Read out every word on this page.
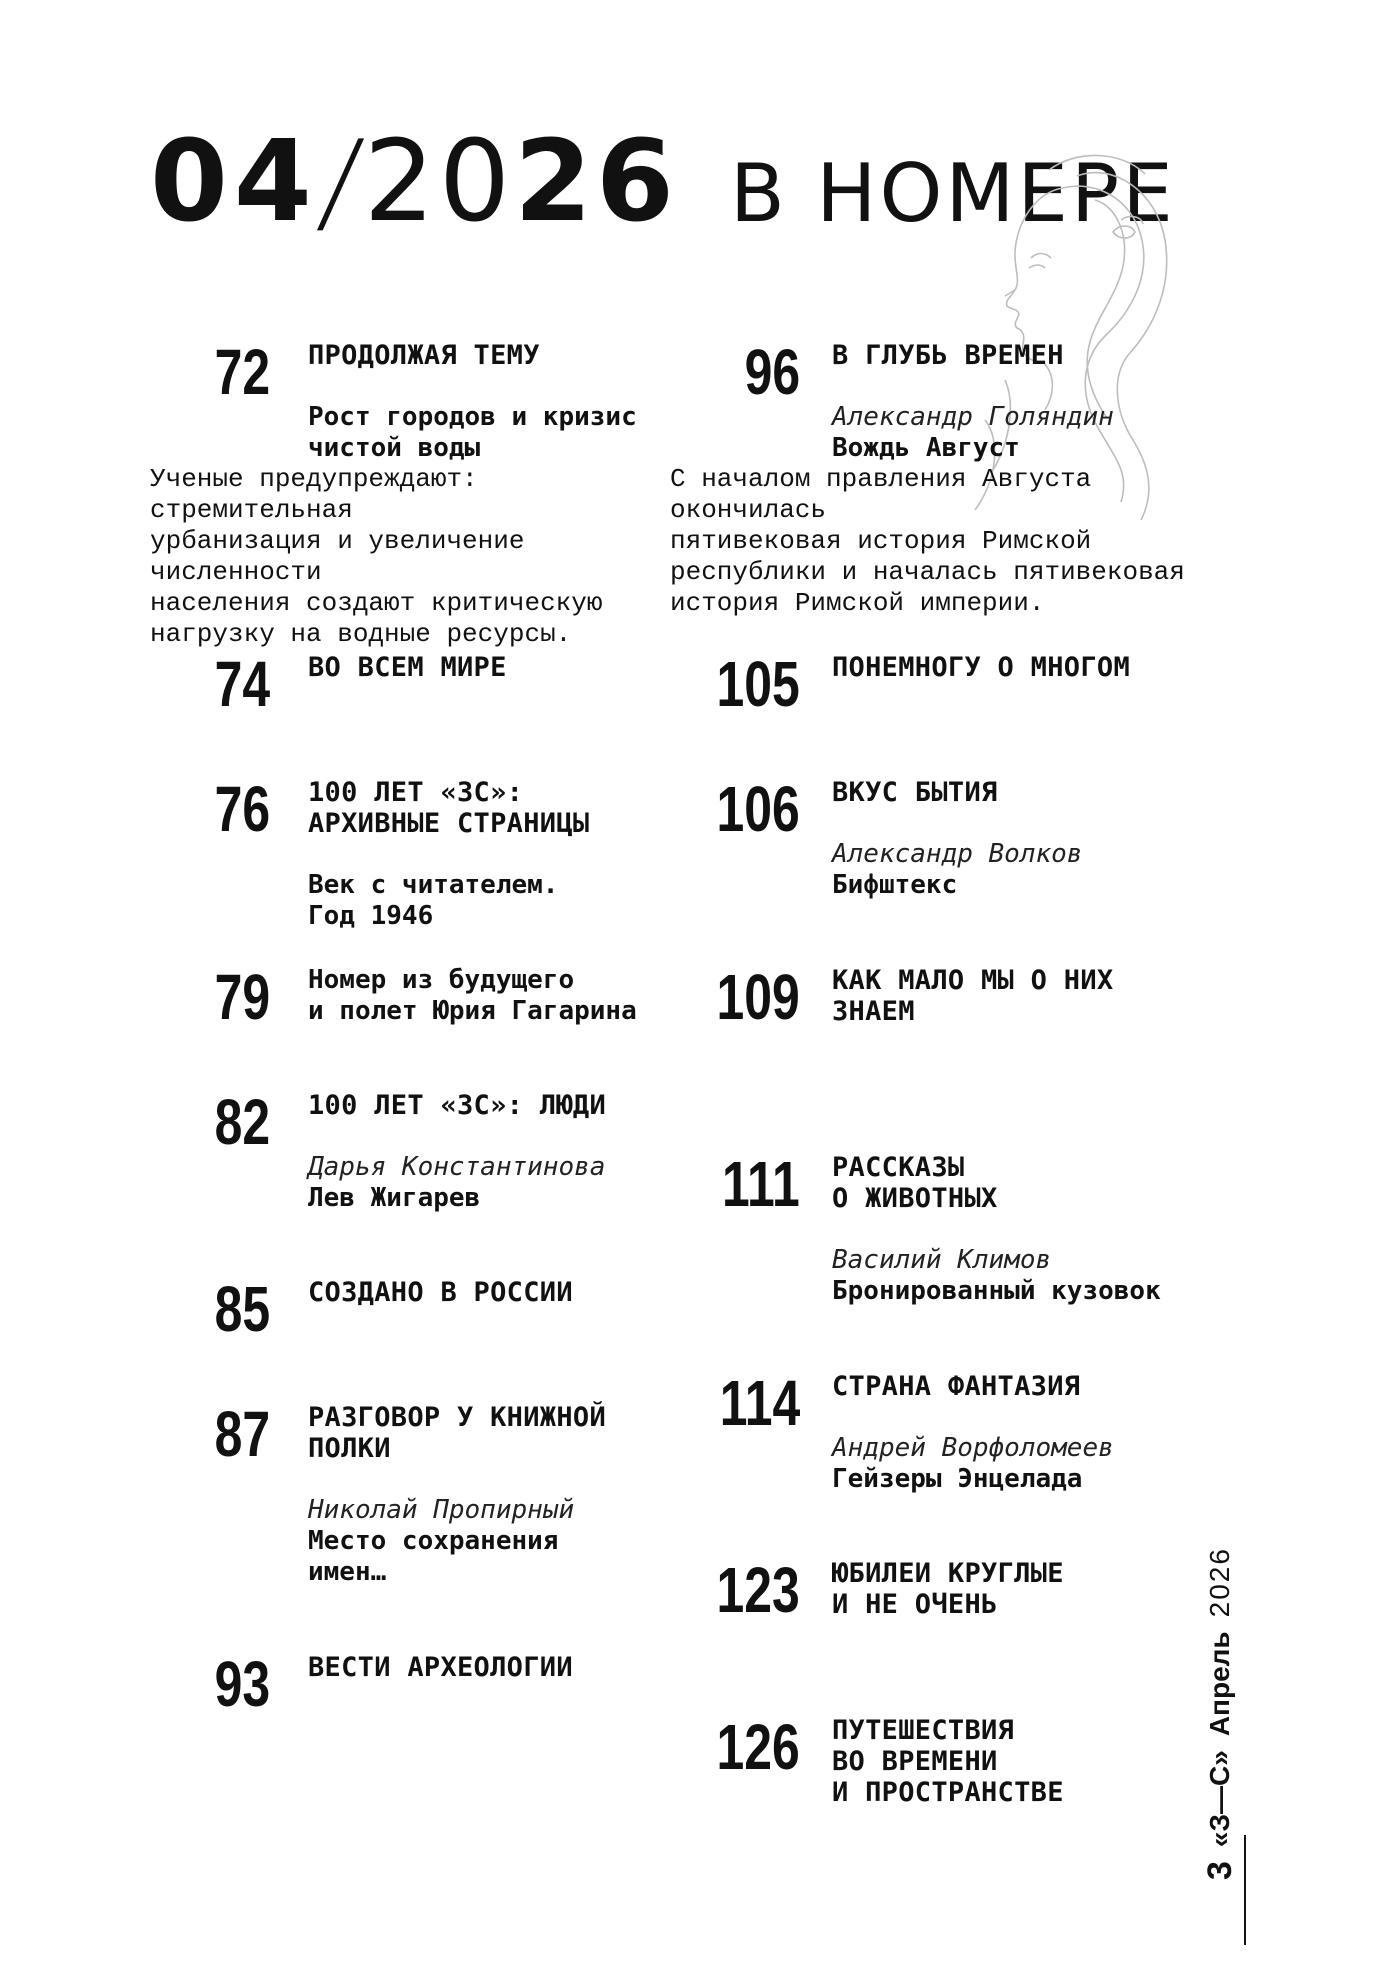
04
/
20 26 В НОМЕРЕ
72 ПРОДОЛЖАЯ ТЕМУ
Рост городов и кризис
чистой воды
Ученые предупреждают: стремительная
урбанизация и увеличение численности
населения создают критическую
нагрузку на водные ресурсы.
74 ВО ВСЕМ МИРЕ
76 100 ЛЕТ «ЗС»:
АРХИВНЫЕ СТРАНИЦЫ
Век с читателем.
Год 1946
79 Номер из будущего
и полет Юрия Гагарина
82 100 ЛЕТ «ЗС»: ЛЮДИ
Дарья Константинова
Лев Жигарев
85 СОЗДАНО В РОССИИ
87 РАЗГОВОР У КНИЖНОЙ
ПОЛКИ
Николай Пропирный
Место сохранения
имен…
93 ВЕСТИ АРХЕОЛОГИИ
96 В ГЛУБЬ ВРЕМЕН
Александр Голяндин
Вождь Август
С началом правления Августа окончилась
пятивековая история Римской
республики и началась пятивековая
история Римской империи.
105 ПОНЕМНОГУ О МНОГОМ
106 ВКУС БЫТИЯ
Александр Волков
Бифштекс
109 КАК МАЛО МЫ О НИХ
ЗНАЕМ
111 РАССКАЗЫ
О ЖИВОТНЫХ
Василий Климов
Бронированный кузовок
114 СТРАНА ФАНТАЗИЯ
Андрей Ворфоломеев
Гейзеры Энцелада
123 ЮБИЛЕИ КРУГЛЫЕ
И НЕ ОЧЕНЬ
126 ПУТЕШЕСТВИЯ
ВО ВРЕМЕНИ
И ПРОСТРАНСТВЕ
3
«З—С»
Апрель
2026
